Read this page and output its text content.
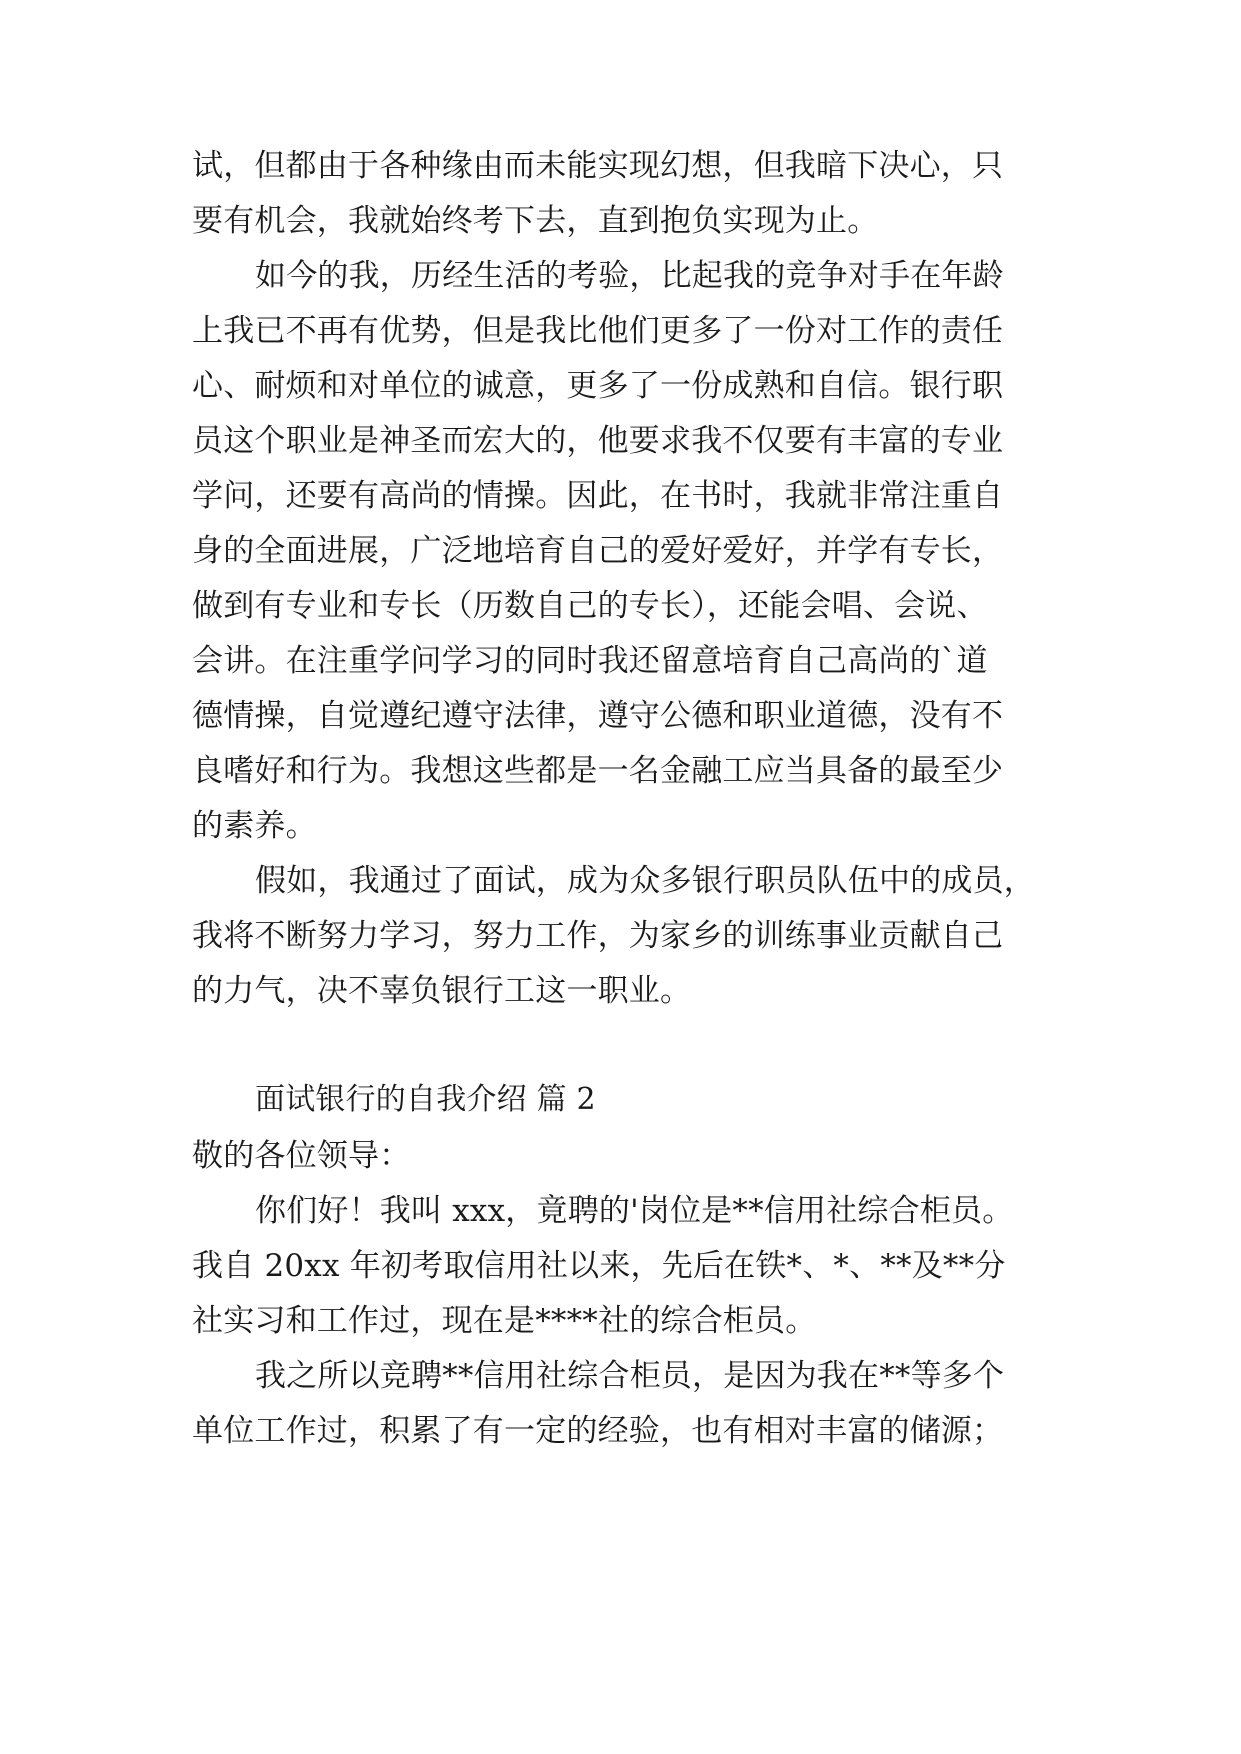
试，但都由于各种缘由而未能实现幻想，但我暗下决心，只
要有机会，我就始终考下去，直到抱负实现为止。
如今的我，历经生活的考验，比起我的竞争对手在年龄
上我已不再有优势，但是我比他们更多了一份对工作的责任
心、耐烦和对单位的诚意，更多了一份成熟和自信。银行职
员这个职业是神圣而宏大的，他要求我不仅要有丰富的专业
学问，还要有高尚的情操。因此，在书时，我就非常注重自
身的全面进展，广泛地培育自己的爱好爱好，并学有专长，
做到有专业和专长（历数自己的专长），还能会唱、会说、
会讲。在注重学问学习的同时我还留意培育自己高尚的`道
德情操，自觉遵纪遵守法律，遵守公德和职业道德，没有不
良嗜好和行为。我想这些都是一名金融工应当具备的最至少
的素养。
假如，我通过了面试，成为众多银行职员队伍中的成员，
我将不断努力学习，努力工作，为家乡的训练事业贡献自己
的力气，决不辜负银行工这一职业。
面试银行的自我介绍 篇 2
敬的各位领导：
你们好！我叫 xxx，竟聘的'岗位是**信用社综合柜员。
我自 20xx 年初考取信用社以来，先后在铁*、*、**及**分
社实习和工作过，现在是****社的综合柜员。
我之所以竞聘**信用社综合柜员，是因为我在**等多个
单位工作过，积累了有一定的经验，也有相对丰富的储源；
